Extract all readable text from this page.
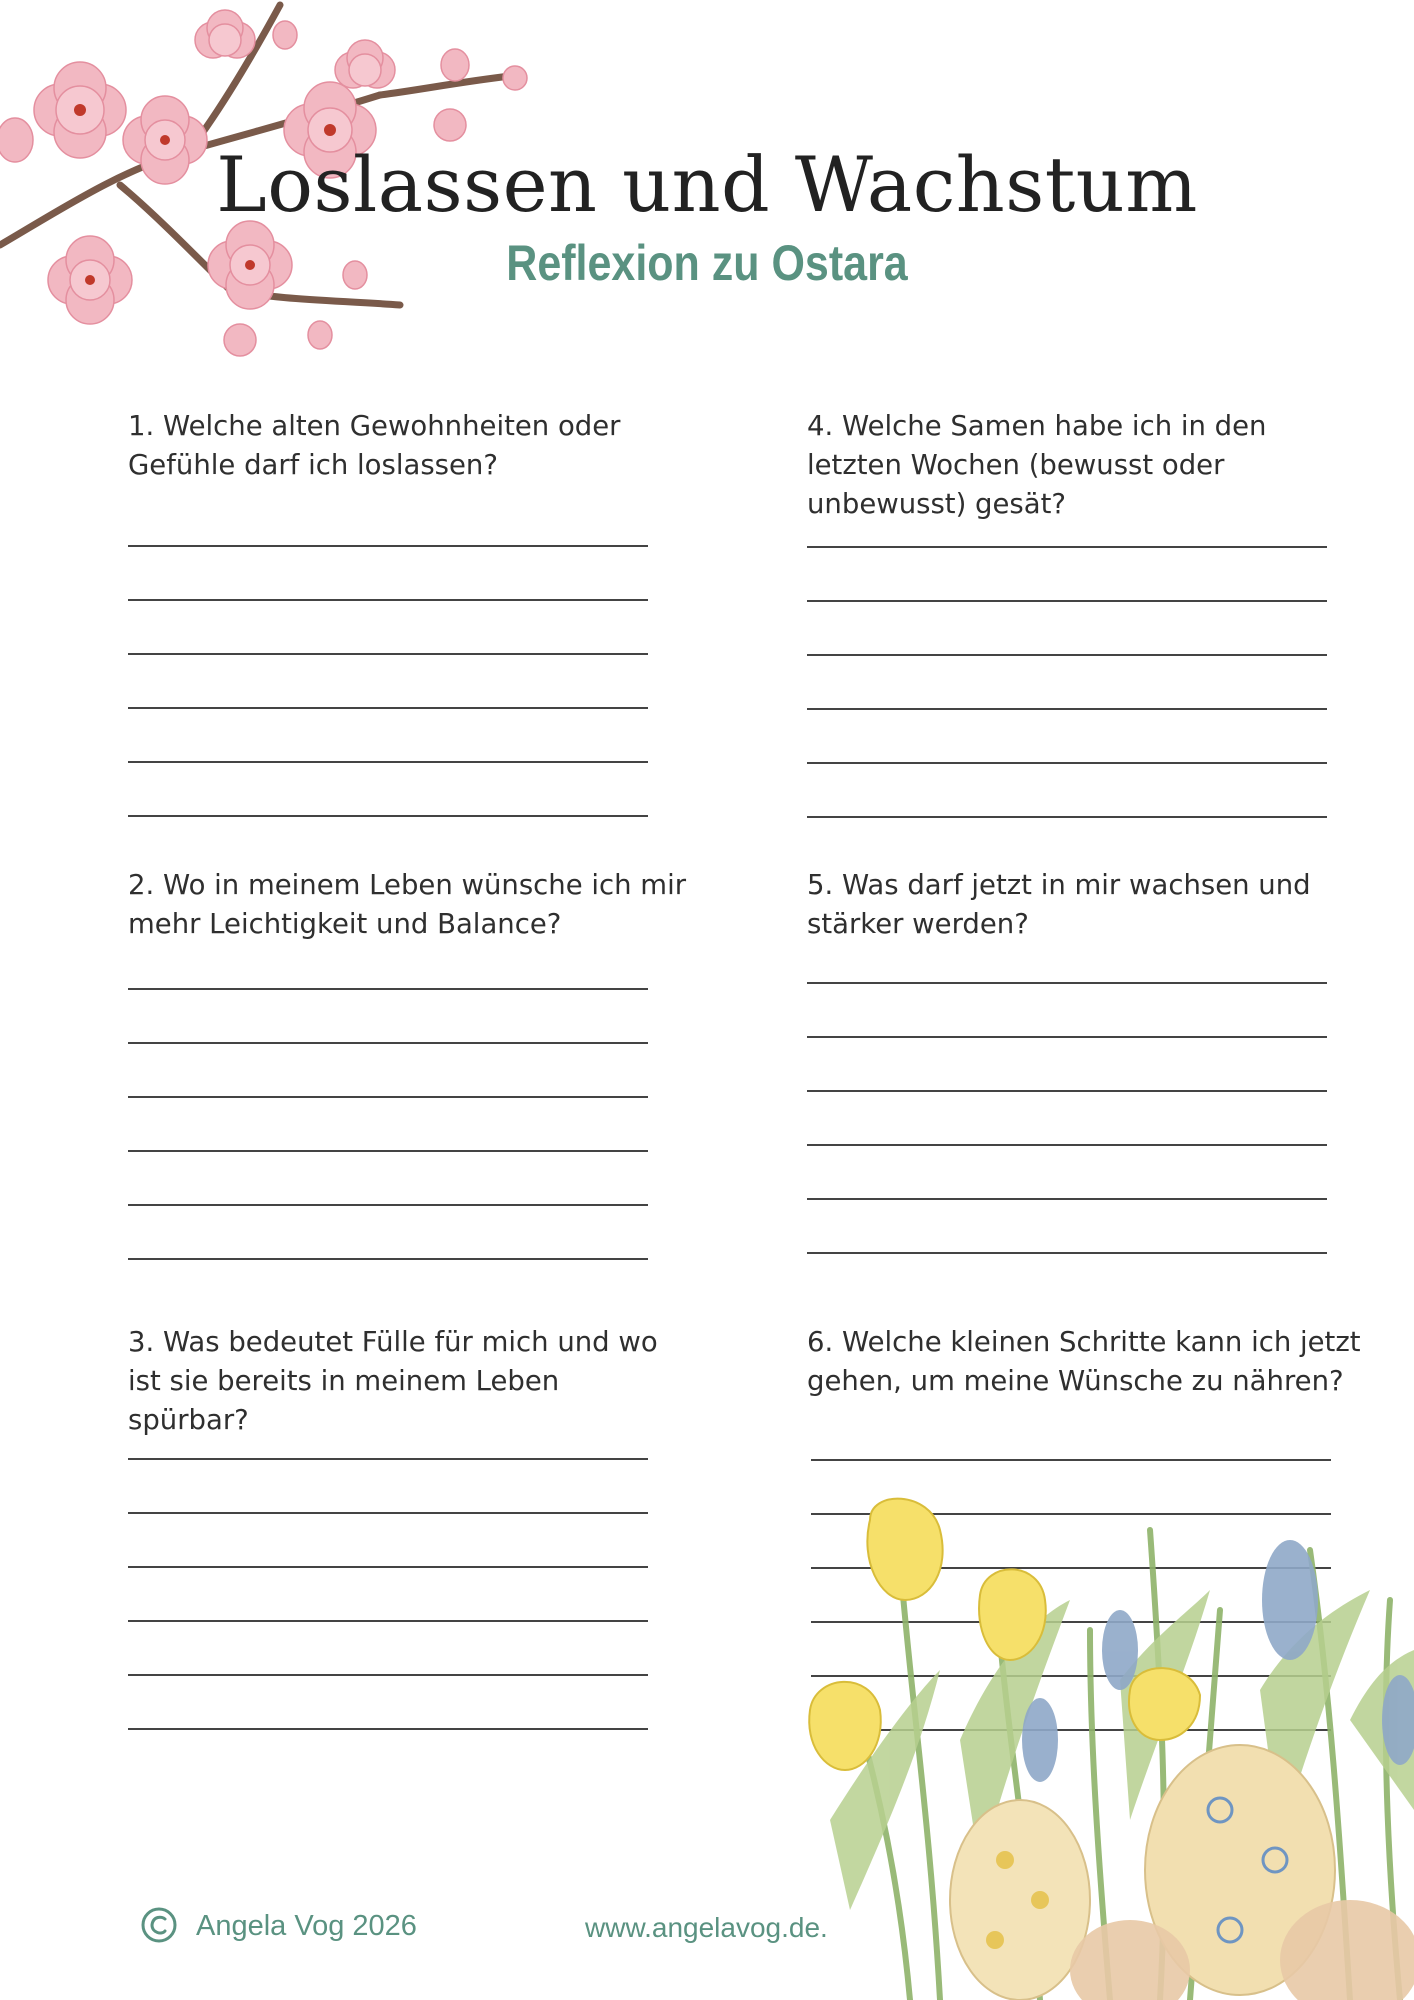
Loslassen und Wachstum
Reflexion zu Ostara
1. Welche alten Gewohnheiten oder Gefühle darf ich loslassen?
2. Wo in meinem Leben wünsche ich mir mehr Leichtigkeit und Balance?
3. Was bedeutet Fülle für mich und wo ist sie bereits in meinem Leben spürbar?
4. Welche Samen habe ich in den letzten Wochen (bewusst oder unbewusst) gesät?
5. Was darf jetzt in mir wachsen und stärker werden?
6. Welche kleinen Schritte kann ich jetzt gehen, um meine Wünsche zu nähren?
Angela Vog 2026	www.angelavog.de.
